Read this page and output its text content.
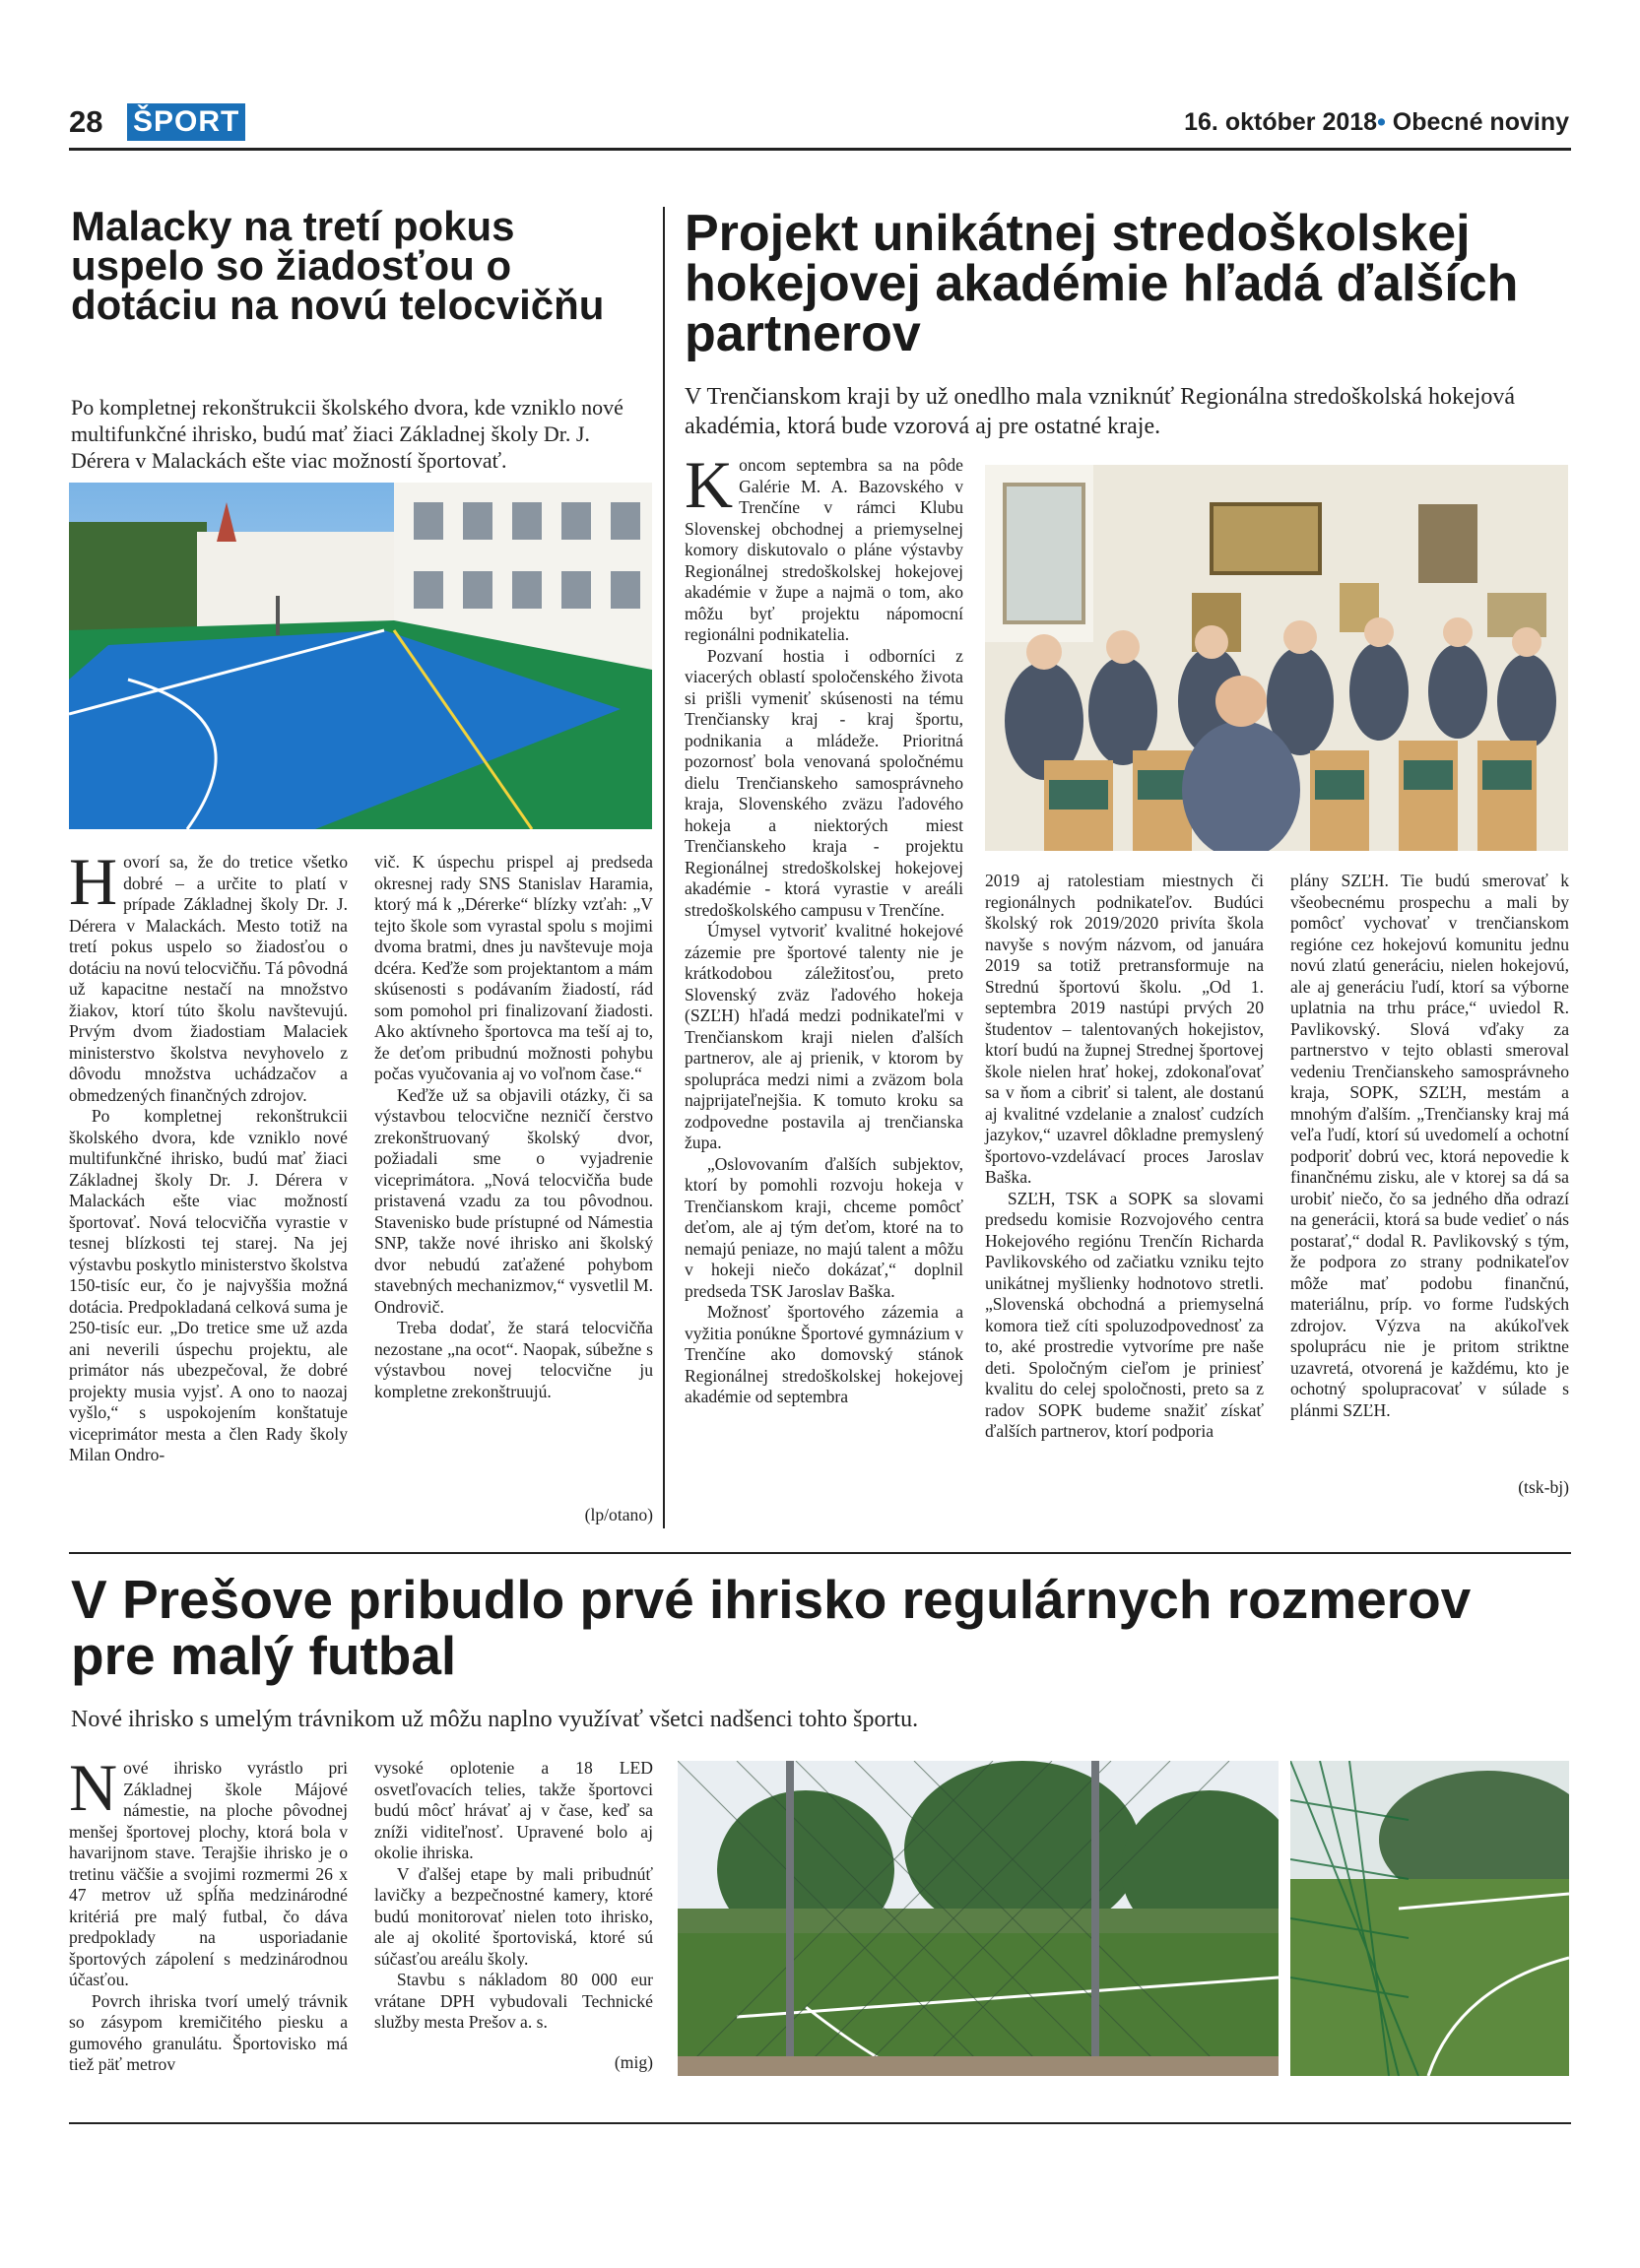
28 ŠPORT	16. október 2018• Obecné noviny
Malacky na tretí pokus uspelo so žiadosťou o dotáciu na novú telocvičňu

Po kompletnej rekonštrukcii školského dvora, kde vzniklo nové multifunkčné ihrisko, budú mať žiaci Základnej školy Dr. J. Dérera v Malackách ešte viac možností športovať.

Hovorí sa, že do tretice všetko dobré – a určite to platí v prípade Základnej školy Dr. J. Dérera v Malackách. Mesto totiž na tretí pokus uspelo so žiadosťou o dotáciu na novú telocvičňu. Tá pôvodná už kapacitne nestačí na množstvo žiakov, ktorí túto školu navštevujú. Prvým dvom žiadostiam Malaciek ministerstvo školstva nevyhovelo z dôvodu množstva uchádzačov a obmedzených finančných zdrojov.

Po kompletnej rekonštrukcii školského dvora, kde vzniklo nové multifunkčné ihrisko, budú mať žiaci Základnej školy Dr. J. Dérera v Malackách ešte viac možností športovať. Nová telocvičňa vyrastie v tesnej blízkosti tej starej. Na jej výstavbu poskytlo ministerstvo školstva 150-tisíc eur, čo je najvyššia možná dotácia. Predpokladaná celková suma je 250-tisíc eur. „Do tretice sme už azda ani neverili úspechu projektu, ale primátor nás ubezpečoval, že dobré projekty musia vyjsť. A ono to naozaj vyšlo,“ s uspokojením konštatuje viceprimátor mesta a člen Rady školy Milan Ondro-

vič. K úspechu prispel aj predseda okresnej rady SNS Stanislav Haramia, ktorý má k „Dérerke“ blízky vzťah: „V tejto škole som vyrastal spolu s mojimi dvoma bratmi, dnes ju navštevuje moja dcéra. Keďže som projektantom a mám skúsenosti s podávaním žiadostí, rád som pomohol pri finalizovaní žiadosti. Ako aktívneho športovca ma teší aj to, že deťom pribudnú možnosti pohybu počas vyučovania aj vo voľnom čase.“

Keďže už sa objavili otázky, či sa výstavbou telocvične nezničí čerstvo zrekonštruovaný školský dvor, požiadali sme o vyjadrenie viceprimátora. „Nová telocvičňa bude pristavená vzadu za tou pôvodnou. Stavenisko bude prístupné od Námestia SNP, takže nové ihrisko ani školský dvor nebudú zaťažené pohybom stavebných mechanizmov,“ vysvetlil M. Ondrovič.

Treba dodať, že stará telocvičňa nezostane „na ocot“. Naopak, súbežne s výstavbou novej telocvične ju kompletne zrekonštruujú.

(lp/otano)
Projekt unikátnej stredoškolskej hokejovej akadémie hľadá ďalších partnerov

V Trenčianskom kraji by už onedlho mala vzniknúť Regionálna stredoškolská hokejová akadémia, ktorá bude vzorová aj pre ostatné kraje.

Koncom septembra sa na pôde Galérie M. A. Bazovského v Trenčíne v rámci Klubu Slovenskej obchodnej a priemyselnej komory diskutovalo o pláne výstavby Regionálnej stredoškolskej hokejovej akadémie v župe a najmä o tom, ako môžu byť projektu nápomocní regionálni podnikatelia.

Pozvaní hostia i odborníci z viacerých oblastí spoločenského života si prišli vymeniť skúsenosti na tému Trenčiansky kraj - kraj športu, podnikania a mládeže. Prioritná pozornosť bola venovaná spoločnému dielu Trenčianskeho samosprávneho kraja, Slovenského zväzu ľadového hokeja a niektorých miest Trenčianskeho kraja - projektu Regionálnej stredoškolskej hokejovej akadémie - ktorá vyrastie v areáli stredoškolského campusu v Trenčíne.

Úmysel vytvoriť kvalitné hokejové zázemie pre športové talenty nie je krátkodobou záležitosťou, preto Slovenský zväz ľadového hokeja (SZĽH) hľadá medzi podnikateľmi v Trenčianskom kraji nielen ďalších partnerov, ale aj prienik, v ktorom by spolupráca medzi nimi a zväzom bola najprijateľnejšia. K tomuto kroku sa zodpovedne postavila aj trenčianska župa.

„Oslovovaním ďalších subjektov, ktorí by pomohli rozvoju hokeja v Trenčianskom kraji, chceme pomôcť deťom, ale aj tým deťom, ktoré na to nemajú peniaze, no majú talent a môžu v hokeji niečo dokázať,“ doplnil predseda TSK Jaroslav Baška.

Možnosť športového zázemia a vyžitia ponúkne Športové gymnázium v Trenčíne ako domovský stánok Regionálnej stredoškolskej hokejovej akadémie od septembra

2019 aj ratolestiam miestnych či regionálnych podnikateľov. Budúci školský rok 2019/2020 privíta škola navyše s novým názvom, od januára 2019 sa totiž pretransformuje na Strednú športovú školu. „Od 1. septembra 2019 nastúpi prvých 20 študentov – talentovaných hokejistov, ktorí budú na župnej Strednej športovej škole nielen hrať hokej, zdokonaľovať sa v ňom a cibriť si talent, ale dostanú aj kvalitné vzdelanie a znalosť cudzích jazykov,“ uzavrel dôkladne premyslený športovo-vzdelávací proces Jaroslav Baška.

SZĽH, TSK a SOPK sa slovami predsedu komisie Rozvojového centra Hokejového regiónu Trenčín Richarda Pavlikovského od začiatku vzniku tejto unikátnej myšlienky hodnotovo stretli. „Slovenská obchodná a priemyselná komora tiež cíti spoluzodpovednosť za to, aké prostredie vytvoríme pre naše deti. Spoločným cieľom je priniesť kvalitu do celej spoločnosti, preto sa z radov SOPK budeme snažiť získať ďalších partnerov, ktorí podporia

plány SZĽH. Tie budú smerovať k všeobecnému prospechu a mali by pomôcť vychovať v trenčianskom regióne cez hokejovú komunitu jednu novú zlatú generáciu, nielen hokejovú, ale aj generáciu ľudí, ktorí sa výborne uplatnia na trhu práce,“ uviedol R. Pavlikovský. Slová vďaky za partnerstvo v tejto oblasti smeroval vedeniu Trenčianskeho samosprávneho kraja, SOPK, SZĽH, mestám a mnohým ďalším. „Trenčiansky kraj má veľa ľudí, ktorí sú uvedomelí a ochotní podporiť dobrú vec, ktorá nepovedie k finančnému zisku, ale v ktorej sa dá sa urobiť niečo, čo sa jedného dňa odrazí na generácii, ktorá sa bude vedieť o nás postarať,“ dodal R. Pavlikovský s tým, že podpora zo strany podnikateľov môže mať podobu finančnú, materiálnu, príp. vo forme ľudských zdrojov. Výzva na akúkoľvek spoluprácu nie je pritom striktne uzavretá, otvorená je každému, kto je ochotný spolupracovať v súlade s plánmi SZĽH.

(tsk-bj)
V Prešove pribudlo prvé ihrisko regulárnych rozmerov pre malý futbal

Nové ihrisko s umelým trávnikom už môžu naplno využívať všetci nadšenci tohto športu.

Nové ihrisko vyrástlo pri Základnej škole Májové námestie, na ploche pôvodnej menšej športovej plochy, ktorá bola v havarijnom stave. Terajšie ihrisko je o tretinu väčšie a svojimi rozmermi 26 x 47 metrov už spĺňa medzinárodné kritériá pre malý futbal, čo dáva predpoklady na usporiadanie športových zápolení s medzinárodnou účasťou.

Povrch ihriska tvorí umelý trávnik so zásypom kremičitého piesku a gumového granulátu. Športovisko má tiež päť metrov

vysoké oplotenie a 18 LED osvetľovacích telies, takže športovci budú môcť hrávať aj v čase, keď sa zníži viditeľnosť. Upravené bolo aj okolie ihriska.

V ďalšej etape by mali pribudnúť lavičky a bezpečnostné kamery, ktoré budú monitorovať nielen toto ihrisko, ale aj okolité športoviská, ktoré sú súčasťou areálu školy.

Stavbu s nákladom 80 000 eur vrátane DPH vybudovali Technické služby mesta Prešov a. s.

(mig)
